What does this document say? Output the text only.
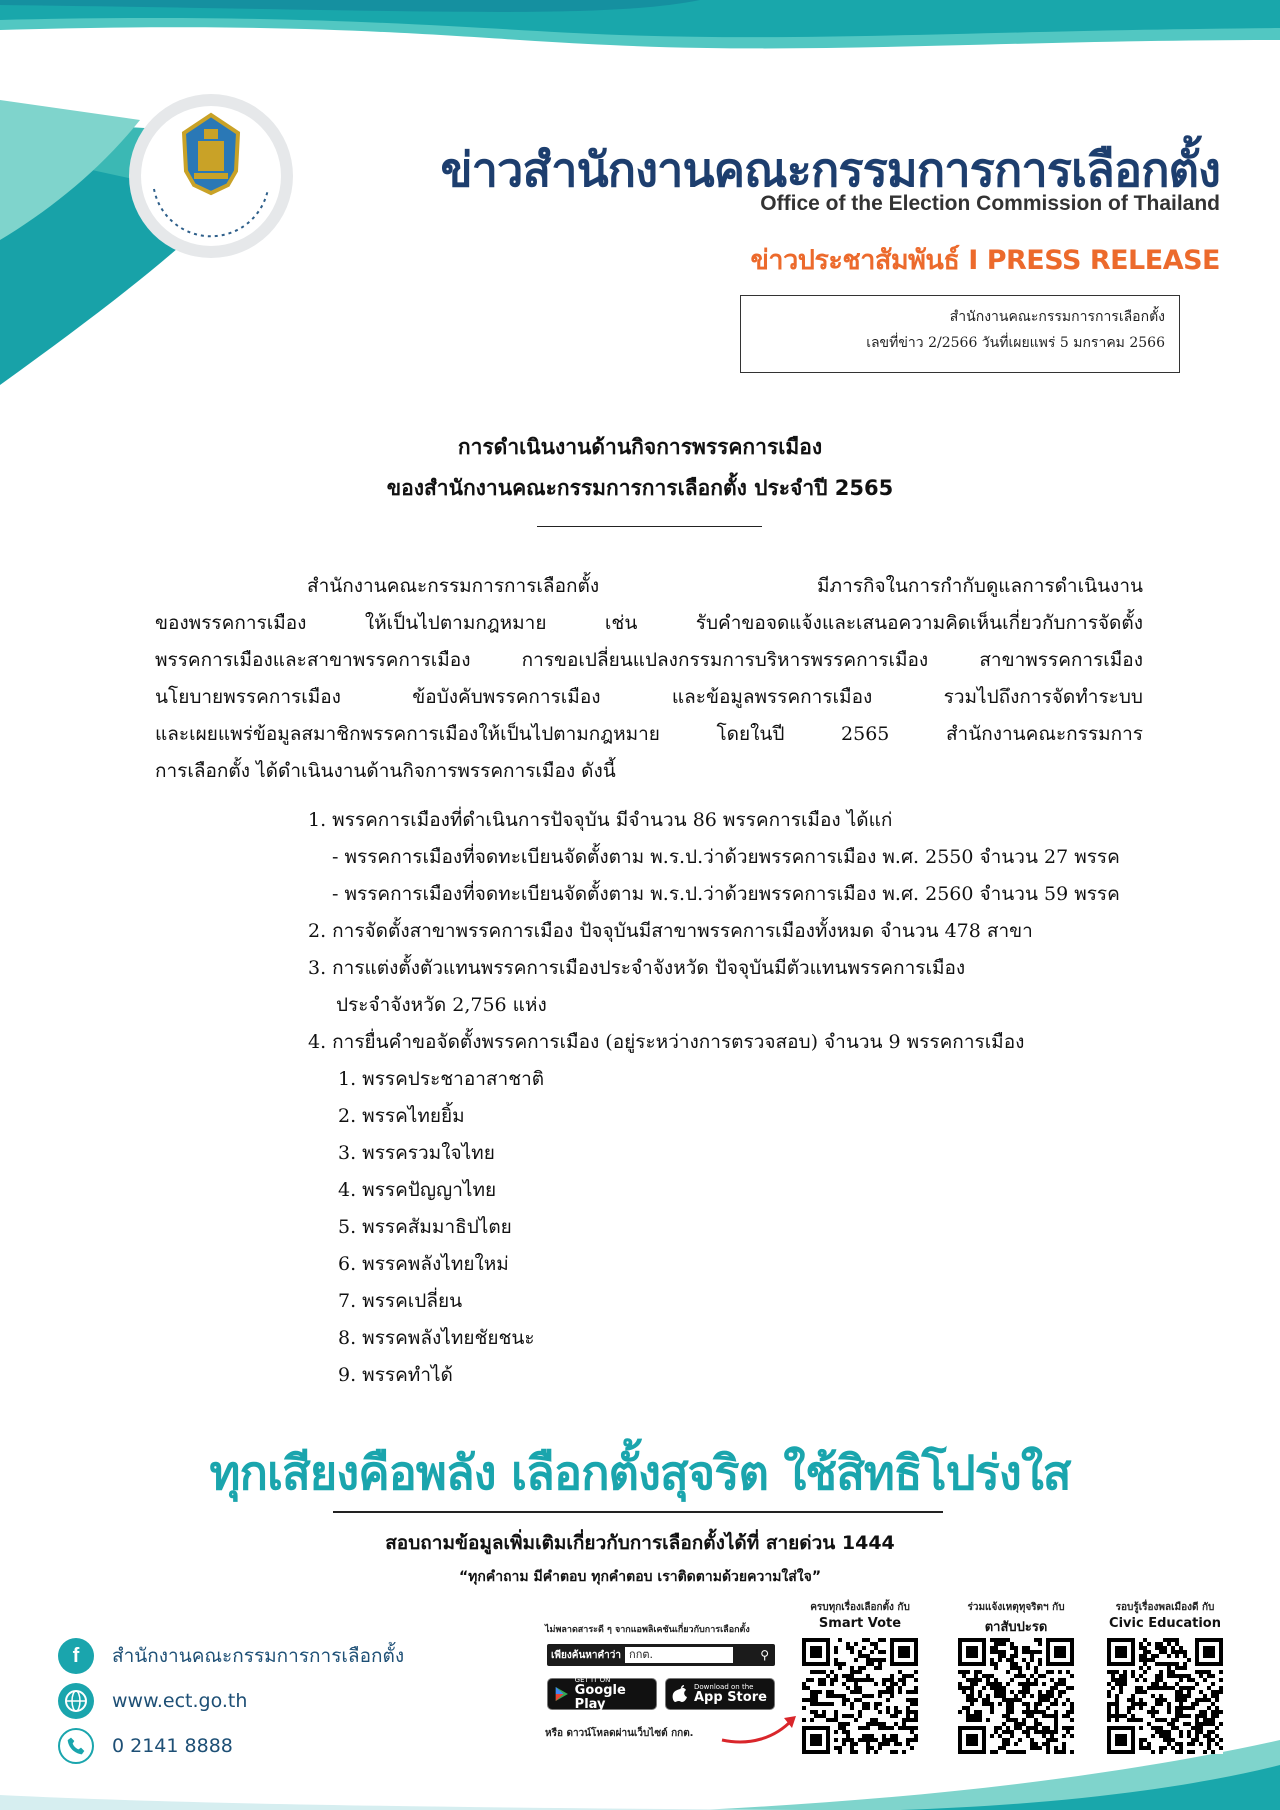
ข่าวสำนักงานคณะกรรมการการเลือกตั้ง
Office of the Election Commission of Thailand
ข่าวประชาสัมพันธ์ I PRESS RELEASE
สำนักงานคณะกรรมการการเลือกตั้ง
เลขที่ข่าว 2/2566 วันที่เผยแพร่ 5 มกราคม 2566
การดำเนินงานด้านกิจการพรรคการเมือง
ของสำนักงานคณะกรรมการการเลือกตั้ง ประจำปี 2565
สำนักงานคณะกรรมการการเลือกตั้ง มีภารกิจในการกำกับดูแลการดำเนินงาน
ของพรรคการเมือง ให้เป็นไปตามกฎหมาย เช่น รับคำขอจดแจ้งและเสนอความคิดเห็นเกี่ยวกับการจัดตั้ง
พรรคการเมืองและสาขาพรรคการเมือง การขอเปลี่ยนแปลงกรรมการบริหารพรรคการเมือง สาขาพรรคการเมือง
นโยบายพรรคการเมือง ข้อบังคับพรรคการเมือง และข้อมูลพรรคการเมือง รวมไปถึงการจัดทำระบบ
และเผยแพร่ข้อมูลสมาชิกพรรคการเมืองให้เป็นไปตามกฎหมาย โดยในปี 2565 สำนักงานคณะกรรมการ
การเลือกตั้ง ได้ดำเนินงานด้านกิจการพรรคการเมือง ดังนี้
1. พรรคการเมืองที่ดำเนินการปัจจุบัน มีจำนวน 86 พรรคการเมือง ได้แก่
- พรรคการเมืองที่จดทะเบียนจัดตั้งตาม พ.ร.ป.ว่าด้วยพรรคการเมือง พ.ศ. 2550 จำนวน 27 พรรค
- พรรคการเมืองที่จดทะเบียนจัดตั้งตาม พ.ร.ป.ว่าด้วยพรรคการเมือง พ.ศ. 2560 จำนวน 59 พรรค
2. การจัดตั้งสาขาพรรคการเมือง ปัจจุบันมีสาขาพรรคการเมืองทั้งหมด จำนวน 478 สาขา
3. การแต่งตั้งตัวแทนพรรคการเมืองประจำจังหวัด ปัจจุบันมีตัวแทนพรรคการเมือง
ประจำจังหวัด 2,756 แห่ง
4. การยื่นคำขอจัดตั้งพรรคการเมือง (อยู่ระหว่างการตรวจสอบ) จำนวน 9 พรรคการเมือง
1. พรรคประชาอาสาชาติ
2. พรรคไทยยิ้ม
3. พรรครวมใจไทย
4. พรรคปัญญาไทย
5. พรรคสัมมาธิปไตย
6. พรรคพลังไทยใหม่
7. พรรคเปลี่ยน
8. พรรคพลังไทยชัยชนะ
9. พรรคทำได้
ทุกเสียงคือพลัง เลือกตั้งสุจริต ใช้สิทธิโปร่งใส
สอบถามข้อมูลเพิ่มเติมเกี่ยวกับการเลือกตั้งได้ที่ สายด่วน 1444
“ทุกคำถาม มีคำตอบ ทุกคำตอบ เราติดตามด้วยความใส่ใจ”
f สำนักงานคณะกรรมการการเลือกตั้ง
www.ect.go.th
0 2141 8888
ไม่พลาดสาระดี ๆ จากแอพลิเคชันเกี่ยวกับการเลือกตั้ง
เพียงค้นหาคำว่า กกต.	⚲
GET IT ON
Google Play
Download on the
App Store
หรือ ดาวน์โหลดผ่านเว็บไซต์ กกต.
ครบทุกเรื่องเลือกตั้ง กับ
Smart Vote
ร่วมแจ้งเหตุทุจริตฯ กับ
ตาสับปะรด
รอบรู้เรื่องพลเมืองดี กับ
Civic Education
